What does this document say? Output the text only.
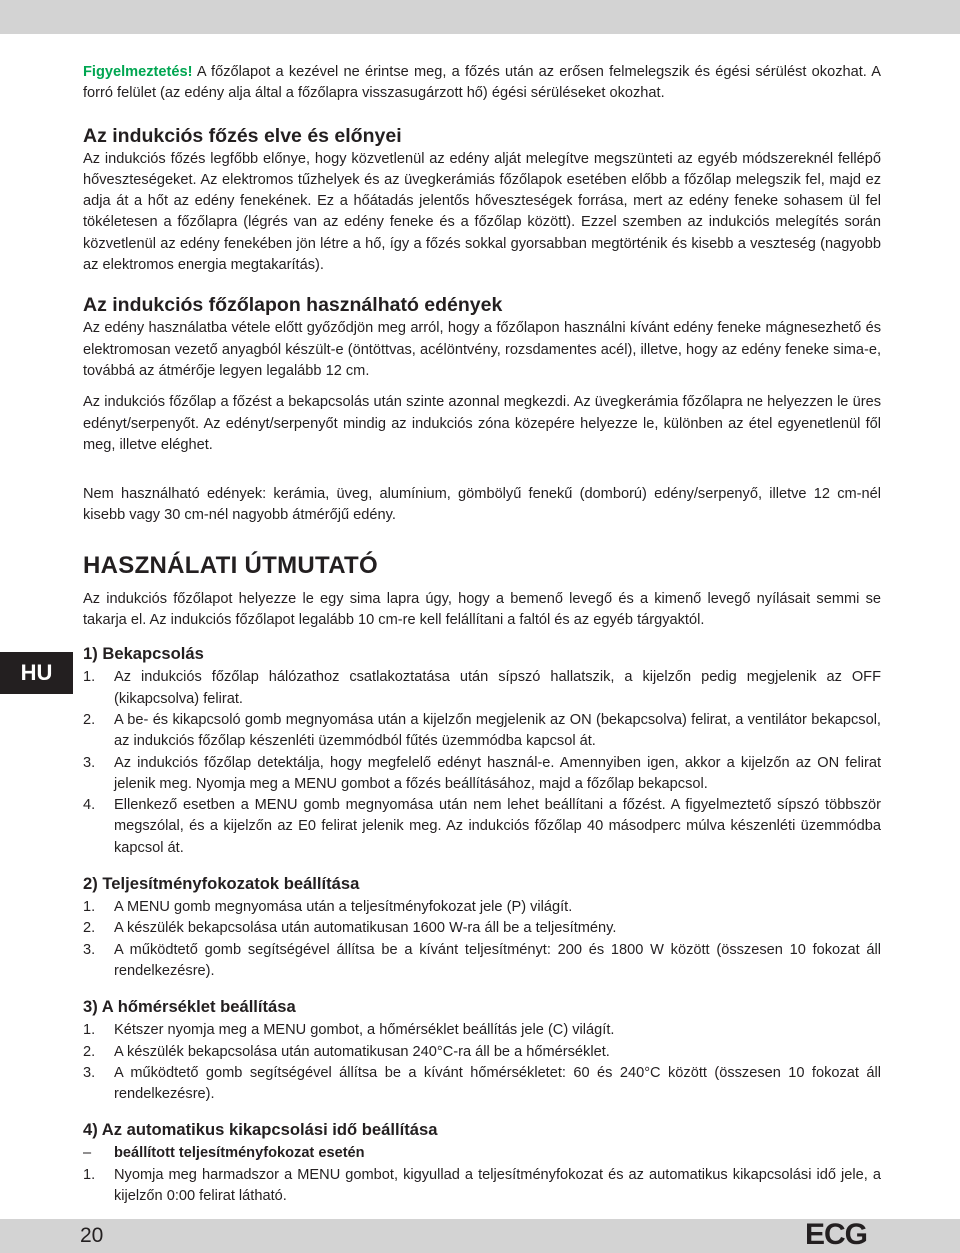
HU

Figyelmeztetés! A főzőlapot a kezével ne érintse meg, a főzés után az erősen felmelegszik és égési sérülést okozhat. A forró felület (az edény alja által a főzőlapra visszasugárzott hő) égési sérüléseket okozhat.

Az indukciós főzés elve és előnyei

Az indukciós főzés legfőbb előnye, hogy közvetlenül az edény alját melegítve megszünteti az egyéb módszereknél fellépő hőveszteségeket. Az elektromos tűzhelyek és az üvegkerámiás főzőlapok esetében előbb a főzőlap melegszik fel, majd ez adja át a hőt az edény fenekének. Ez a hőátadás jelentős hőveszteségek forrása, mert az edény feneke sohasem ül fel tökéletesen a főzőlapra (légrés van az edény feneke és a főzőlap között). Ezzel szemben az indukciós melegítés során közvetlenül az edény fenekében jön létre a hő, így a főzés sokkal gyorsabban megtörténik és kisebb a veszteség (nagyobb az elektromos energia megtakarítás).

Az indukciós főzőlapon használható edények

Az edény használatba vétele előtt győződjön meg arról, hogy a főzőlapon használni kívánt edény feneke mágnesezhető és elektromosan vezető anyagból készült-e (öntöttvas, acélöntvény, rozsdamentes acél), illetve, hogy az edény feneke sima-e, továbbá az átmérője legyen legalább 12 cm.

Az indukciós főzőlap a főzést a bekapcsolás után szinte azonnal megkezdi. Az üvegkerámia főzőlapra ne helyezzen le üres edényt/serpenyőt. Az edényt/serpenyőt mindig az indukciós zóna közepére helyezze le, különben az étel egyenetlenül fől meg, illetve eléghet.

Nem használható edények: kerámia, üveg, alumínium, gömbölyű fenekű (domború) edény/serpenyő, illetve 12 cm-nél kisebb vagy 30 cm-nél nagyobb átmérőjű edény.

HASZNÁLATI ÚTMUTATÓ

Az indukciós főzőlapot helyezze le egy sima lapra úgy, hogy a bemenő levegő és a kimenő levegő nyílásait semmi se takarja el. Az indukciós főzőlapot legalább 10 cm-re kell felállítani a faltól és az egyéb tárgyaktól.

1) Bekapcsolás
1. Az indukciós főzőlap hálózathoz csatlakoztatása után sípszó hallatszik, a kijelzőn pedig megjelenik az OFF (kikapcsolva) felirat.
2. A be- és kikapcsoló gomb megnyomása után a kijelzőn megjelenik az ON (bekapcsolva) felirat, a ventilátor bekapcsol, az indukciós főzőlap készenléti üzemmódból fűtés üzemmódba kapcsol át.
3. Az indukciós főzőlap detektálja, hogy megfelelő edényt használ-e. Amennyiben igen, akkor a kijelzőn az ON felirat jelenik meg. Nyomja meg a MENU gombot a főzés beállításához, majd a főzőlap bekapcsol.
4. Ellenkező esetben a MENU gomb megnyomása után nem lehet beállítani a főzést. A figyelmeztető sípszó többször megszólal, és a kijelzőn az E0 felirat jelenik meg. Az indukciós főzőlap 40 másodperc múlva készenléti üzemmódba kapcsol át.
2) Teljesítményfokozatok beállítása
1. A MENU gomb megnyomása után a teljesítményfokozat jele (P) világít.
2. A készülék bekapcsolása után automatikusan 1600 W-ra áll be a teljesítmény.
3. A működtető gomb segítségével állítsa be a kívánt teljesítményt: 200 és 1800 W között (összesen 10 fokozat áll rendelkezésre).
3) A hőmérséklet beállítása
1. Kétszer nyomja meg a MENU gombot, a hőmérséklet beállítás jele (C) világít.
2. A készülék bekapcsolása után automatikusan 240°C-ra áll be a hőmérséklet.
3. A működtető gomb segítségével állítsa be a kívánt hőmérsékletet: 60 és 240°C között (összesen 10 fokozat áll rendelkezésre).
4) Az automatikus kikapcsolási idő beállítása
– beállított teljesítményfokozat esetén
1. Nyomja meg harmadszor a MENU gombot, kigyullad a teljesítményfokozat és az automatikus kikapcsolási idő jele, a kijelzőn 0:00 felirat látható.
20	ECG
